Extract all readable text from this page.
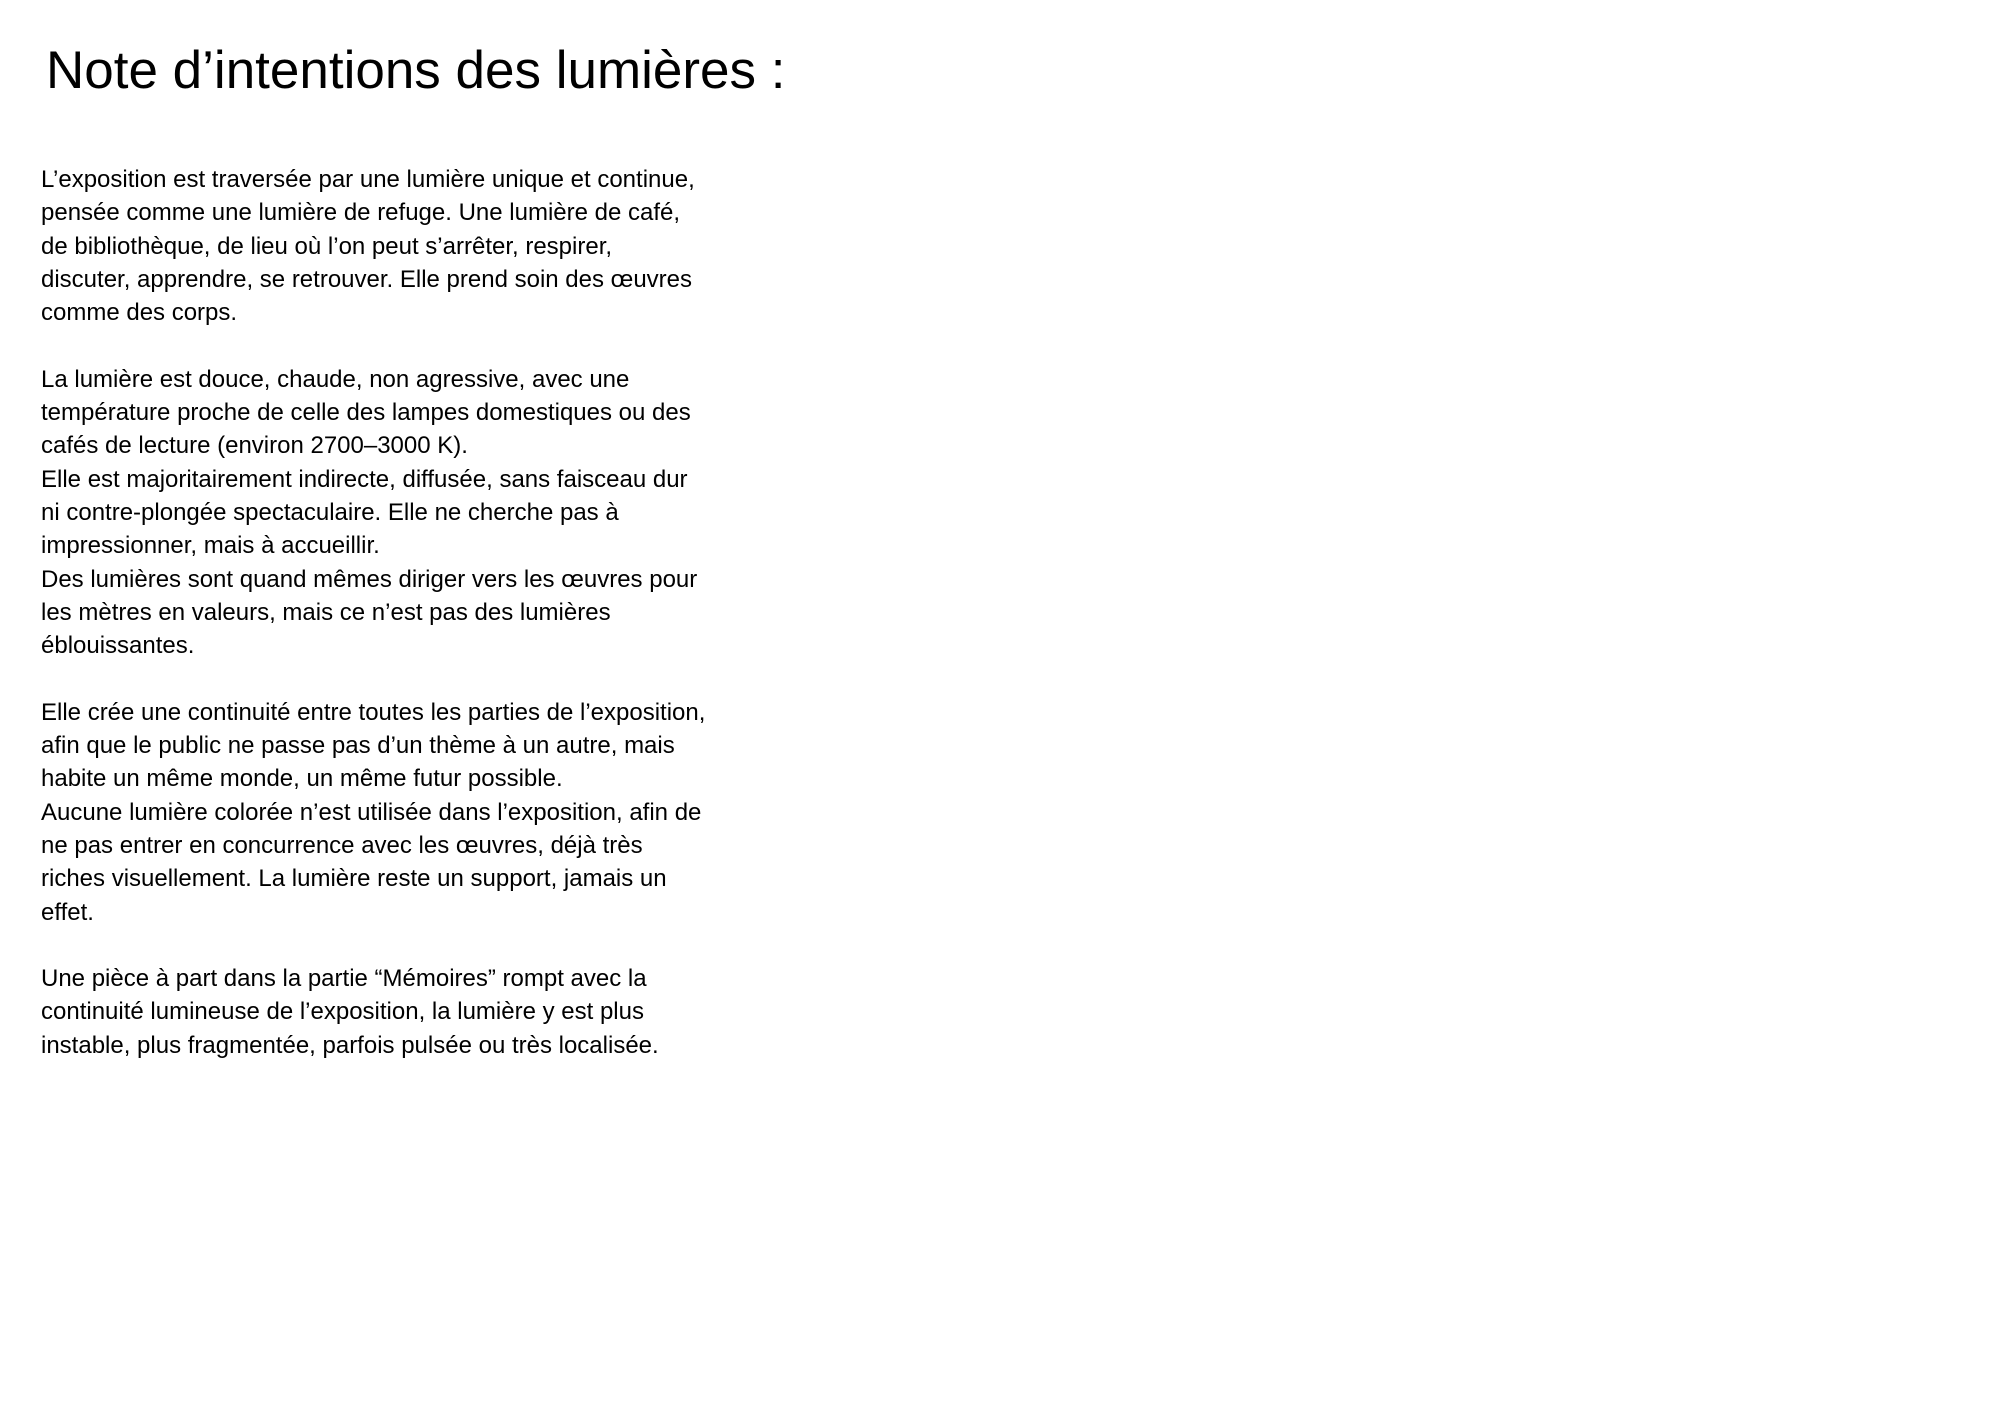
Note d’intentions des lumières :

L’exposition est traversée par une lumière unique et continue,
pensée comme une lumière de refuge. Une lumière de café,
de bibliothèque, de lieu où l’on peut s’arrêter, respirer,
discuter, apprendre, se retrouver. Elle prend soin des œuvres
comme des corps.

La lumière est douce, chaude, non agressive, avec une
température proche de celle des lampes domestiques ou des
cafés de lecture (environ 2700–3000 K).
Elle est majoritairement indirecte, diffusée, sans faisceau dur
ni contre-plongée spectaculaire. Elle ne cherche pas à
impressionner, mais à accueillir.
Des lumières sont quand mêmes diriger vers les œuvres pour
les mètres en valeurs, mais ce n’est pas des lumières
éblouissantes.

Elle crée une continuité entre toutes les parties de l’exposition,
afin que le public ne passe pas d’un thème à un autre, mais
habite un même monde, un même futur possible.
Aucune lumière colorée n’est utilisée dans l’exposition, afin de
ne pas entrer en concurrence avec les œuvres, déjà très
riches visuellement. La lumière reste un support, jamais un
effet.

Une pièce à part dans la partie “Mémoires” rompt avec la
continuité lumineuse de l’exposition, la lumière y est plus
instable, plus fragmentée, parfois pulsée ou très localisée.
